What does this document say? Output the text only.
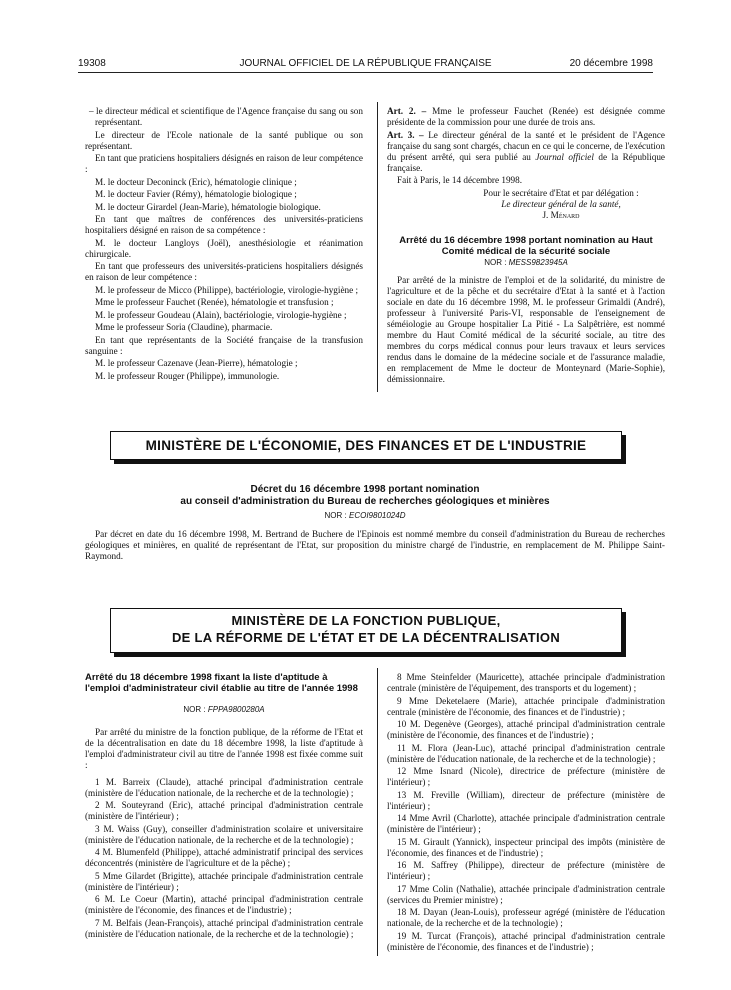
19308	JOURNAL OFFICIEL DE LA RÉPUBLIQUE FRANÇAISE	20 décembre 1998

– le directeur médical et scientifique de l'Agence française du sang ou son représentant.

Le directeur de l'Ecole nationale de la santé publique ou son représentant.

En tant que praticiens hospitaliers désignés en raison de leur compétence :

M. le docteur Deconinck (Eric), hématologie clinique ;

M. le docteur Favier (Rémy), hématologie biologique ;

M. le docteur Girardel (Jean-Marie), hématologie biologique.

En tant que maîtres de conférences des universités-praticiens hospitaliers désigné en raison de sa compétence :

M. le docteur Langloys (Joël), anesthésiologie et réanimation chirurgicale.

En tant que professeurs des universités-praticiens hospitaliers désignés en raison de leur compétence :

M. le professeur de Micco (Philippe), bactériologie, virologie-hygiène ;

Mme le professeur Fauchet (Renée), hématologie et transfusion ;

M. le professeur Goudeau (Alain), bactériologie, virologie-hygiène ;

Mme le professeur Soria (Claudine), pharmacie.

En tant que représentants de la Société française de la transfusion sanguine :

M. le professeur Cazenave (Jean-Pierre), hématologie ;

M. le professeur Rouger (Philippe), immunologie.

Art. 2. – Mme le professeur Fauchet (Renée) est désignée comme présidente de la commission pour une durée de trois ans.

Art. 3. – Le directeur général de la santé et le président de l'Agence française du sang sont chargés, chacun en ce qui le concerne, de l'exécution du présent arrêté, qui sera publié au Journal officiel de la République française.

Fait à Paris, le 14 décembre 1998.

Pour le secrétaire d'Etat et par délégation :
Le directeur général de la santé,
J. Ménard
Arrêté du 16 décembre 1998 portant nomination au Haut Comité médical de la sécurité sociale
NOR : MESS9823945A

Par arrêté de la ministre de l'emploi et de la solidarité, du ministre de l'agriculture et de la pêche et du secrétaire d'Etat à la santé et à l'action sociale en date du 16 décembre 1998, M. le professeur Grimaldi (André), professeur à l'université Paris-VI, responsable de l'enseignement de séméiologie au Groupe hospitalier La Pitié - La Salpêtrière, est nommé membre du Haut Comité médical de la sécurité sociale, au titre des membres du corps médical connus pour leurs travaux et leurs services rendus dans le domaine de la médecine sociale et de l'assurance maladie, en remplacement de Mme le docteur de Monteynard (Marie-Sophie), démissionnaire.

MINISTÈRE DE L'ÉCONOMIE, DES FINANCES ET DE L'INDUSTRIE
Décret du 16 décembre 1998 portant nomination
au conseil d'administration du Bureau de recherches géologiques et minières
NOR : ECOI9801024D

Par décret en date du 16 décembre 1998, M. Bertrand de Buchere de l'Epinois est nommé membre du conseil d'administration du Bureau de recherches géologiques et minières, en qualité de représentant de l'Etat, sur proposition du ministre chargé de l'industrie, en remplacement de M. Philippe Saint-Raymond.

MINISTÈRE DE LA FONCTION PUBLIQUE,
DE LA RÉFORME DE L'ÉTAT ET DE LA DÉCENTRALISATION
Arrêté du 18 décembre 1998 fixant la liste d'aptitude à l'emploi d'administrateur civil établie au titre de l'année 1998
NOR : FPPA9800280A

Par arrêté du ministre de la fonction publique, de la réforme de l'Etat et de la décentralisation en date du 18 décembre 1998, la liste d'aptitude à l'emploi d'administrateur civil au titre de l'année 1998 est fixée comme suit :

1 M. Barreix (Claude), attaché principal d'administration centrale (ministère de l'éducation nationale, de la recherche et de la technologie) ;

2 M. Souteyrand (Eric), attaché principal d'administration centrale (ministère de l'intérieur) ;

3 M. Waiss (Guy), conseiller d'administration scolaire et universitaire (ministère de l'éducation nationale, de la recherche et de la technologie) ;

4 M. Blumenfeld (Philippe), attaché administratif principal des services déconcentrés (ministère de l'agriculture et de la pêche) ;

5 Mme Gilardet (Brigitte), attachée principale d'administration centrale (ministère de l'intérieur) ;

6 M. Le Coeur (Martin), attaché principal d'administration centrale (ministère de l'économie, des finances et de l'industrie) ;

7 M. Belfais (Jean-François), attaché principal d'administration centrale (ministère de l'éducation nationale, de la recherche et de la technologie) ;

8 Mme Steinfelder (Mauricette), attachée principale d'administration centrale (ministère de l'équipement, des transports et du logement) ;

9 Mme Deketelaere (Marie), attachée principale d'administration centrale (ministère de l'économie, des finances et de l'industrie) ;

10 M. Degenève (Georges), attaché principal d'administration centrale (ministère de l'économie, des finances et de l'industrie) ;

11 M. Flora (Jean-Luc), attaché principal d'administration centrale (ministère de l'éducation nationale, de la recherche et de la technologie) ;

12 Mme Isnard (Nicole), directrice de préfecture (ministère de l'intérieur) ;

13 M. Freville (William), directeur de préfecture (ministère de l'intérieur) ;

14 Mme Avril (Charlotte), attachée principale d'administration centrale (ministère de l'intérieur) ;

15 M. Girault (Yannick), inspecteur principal des impôts (ministère de l'économie, des finances et de l'industrie) ;

16 M. Saffrey (Philippe), directeur de préfecture (ministère de l'intérieur) ;

17 Mme Colin (Nathalie), attachée principale d'administration centrale (services du Premier ministre) ;

18 M. Dayan (Jean-Louis), professeur agrégé (ministère de l'éducation nationale, de la recherche et de la technologie) ;

19 M. Turcat (François), attaché principal d'administration centrale (ministère de l'économie, des finances et de l'industrie) ;
